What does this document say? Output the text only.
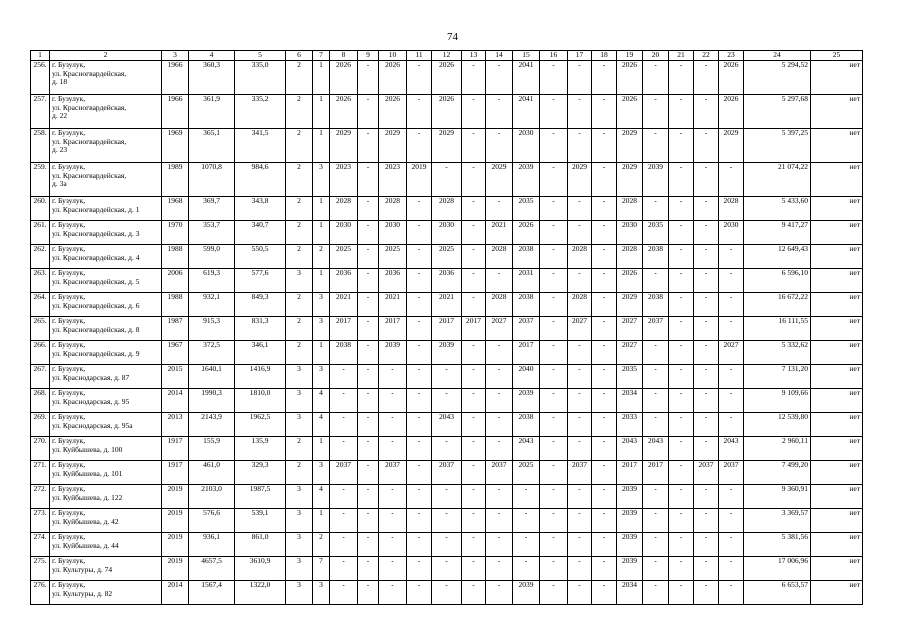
74
1	2	3	4	5	6	7	8	9	10	11	12	13	14	15	16	17	18	19	20	21	22	23	24	25
256.	г. Бузулук,
ул. Красногвардейская,
д. 18	1966	360,3	335,0	2	1	2026	-	2026	-	2026	-	-	2041	-	-	-	2026	-	-	-	2026	5 294,52	нет
257.	г. Бузулук,
ул. Красногвардейская,
д. 22	1966	361,9	335,2	2	1	2026	-	2026	-	2026	-	-	2041	-	-	-	2026	-	-	-	2026	5 297,68	нет
258.	г. Бузулук,
ул. Красногвардейская,
д. 23	1969	365,1	341,5	2	1	2029	-	2029	-	2029	-	-	2030	-	-	-	2029	-	-	-	2029	5 397,25	нет
259.	г. Бузулук,
ул. Красногвардейская,
д. 3а	1989	1070,8	984,6	2	3	2023	-	2023	2019	-	-	2029	2039	-	2029	-	2029	2039	-	-	-	21 074,22	нет
260.	г. Бузулук,
ул. Красногвардейская, д. 1	1968	369,7	343,8	2	1	2028	-	2028	-	2028	-	-	2035	-	-	-	2028	-	-	-	2028	5 433,60	нет
261.	г. Бузулук,
ул. Красногвардейская, д. 3	1970	353,7	340,7	2	1	2030	-	2030	-	2030	-	2021	2026	-	-	-	2030	2035	-	-	2030	9 417,27	нет
262.	г. Бузулук,
ул. Красногвардейская, д. 4	1988	599,0	550,5	2	2	2025	-	2025	-	2025	-	2028	2038	-	2028	-	2028	2038	-	-	-	12 649,43	нет
263.	г. Бузулук,
ул. Красногвардейская, д. 5	2006	619,3	577,6	3	1	2036	-	2036	-	2036	-	-	2031	-	-	-	2026	-	-	-	-	6 596,10	нет
264.	г. Бузулук,
ул. Красногвардейская, д. 6	1988	932,1	849,3	2	3	2021	-	2021	-	2021	-	2028	2038	-	2028	-	2029	2038	-	-	-	16 672,22	нет
265.	г. Бузулук,
ул. Красногвардейская, д. 8	1987	915,3	831,3	2	3	2017	-	2017	-	2017	2017	2027	2037	-	2027	-	2027	2037	-	-	-	16 111,55	нет
266.	г. Бузулук,
ул. Красногвардейская, д. 9	1967	372,5	346,1	2	1	2038	-	2039	-	2039	-	-	2017	-	-	-	2027	-	-	-	2027	5 332,62	нет
267.	г. Бузулук,
ул. Краснодарская, д. 87	2015	1640,1	1416,9	3	3	-	-	-	-	-	-	-	2040	-	-	-	2035	-	-	-	-	7 131,20	нет
268.	г. Бузулук,
ул. Краснодарская, д. 95	2014	1990,3	1810,0	3	4	-	-	-	-	-	-	-	2039	-	-	-	2034	-	-	-	-	9 109,66	нет
269.	г. Бузулук,
ул. Краснодарская, д. 95а	2013	2143,9	1962,5	3	4	-	-	-	-	2043	-	-	2038	-	-	-	2033	-	-	-	-	12 539,80	нет
270.	г. Бузулук,
ул. Куйбышева, д. 100	1917	155,9	135,9	2	1	-	-	-	-	-	-	-	2043	-	-	-	2043	2043	-	-	2043	2 960,11	нет
271.	г. Бузулук,
ул. Куйбышева, д. 101	1917	461,0	329,3	2	3	2037	-	2037	-	2037	-	2037	2025	-	2037	-	2017	2017	-	2037	2037	7 499,20	нет
272.	г. Бузулук,
ул. Куйбышева, д. 122	2019	2103,0	1987,5	3	4	-	-	-	-	-	-	-	-	-	-	-	2039	-	-	-	-	9 360,91	нет
273.	г. Бузулук,
ул. Куйбышева, д. 42	2019	576,6	539,1	3	1	-	-	-	-	-	-	-	-	-	-	-	2039	-	-	-	-	3 369,57	нет
274.	г. Бузулук,
ул. Куйбышева, д. 44	2019	936,1	861,0	3	2	-	-	-	-	-	-	-	-	-	-	-	2039	-	-	-	-	5 381,56	нет
275.	г. Бузулук,
ул. Культуры, д. 74	2019	4657,5	3610,9	3	7	-	-	-	-	-	-	-	-	-	-	-	2039	-	-	-	-	17 006,96	нет
276.	г. Бузулук,
ул. Культуры, д. 82	2014	1567,4	1322,0	3	3	-	-	-	-	-	-	-	2039	-	-	-	2034	-	-	-	-	6 653,57	нет
